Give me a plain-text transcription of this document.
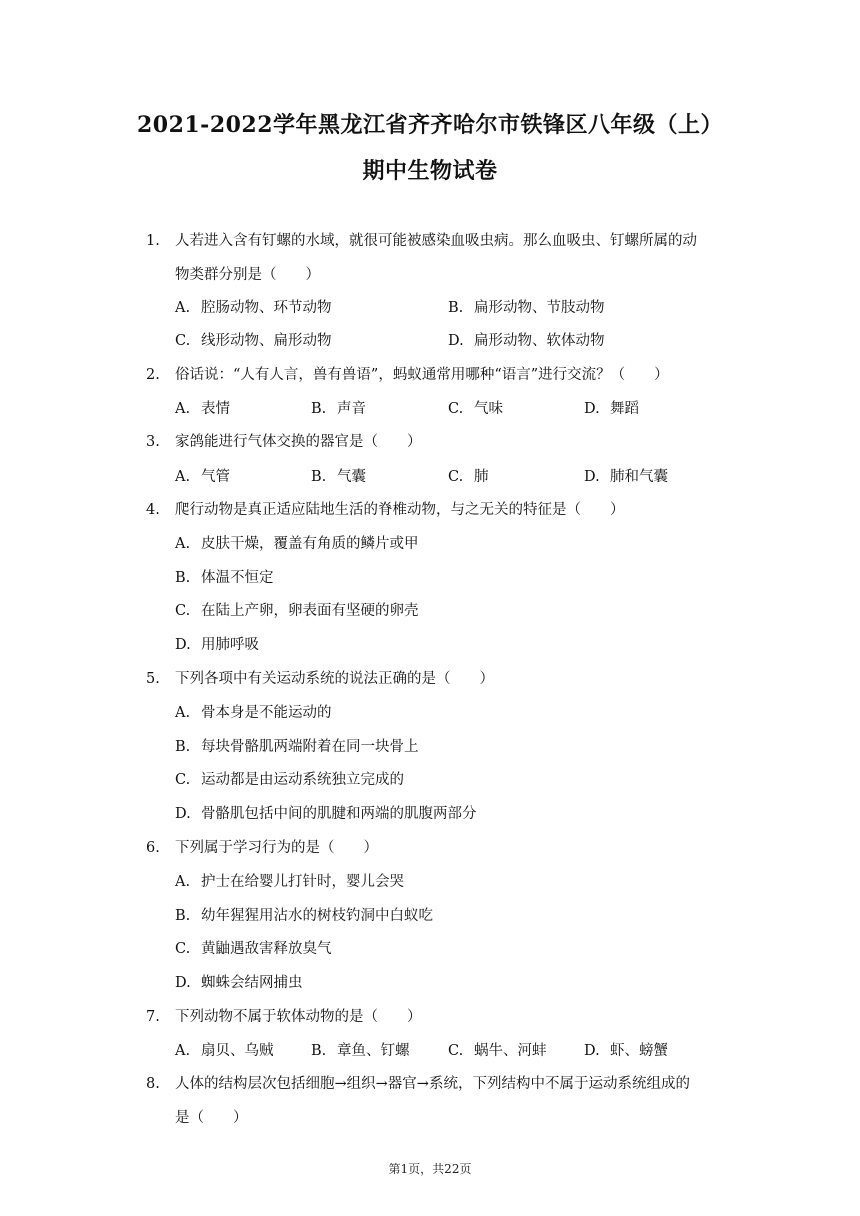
2021-2022学年黑龙江省齐齐哈尔市铁锋区八年级（上）
期中生物试卷
1. 人若进入含有钉螺的水域，就很可能被感染血吸虫病。那么血吸虫、钉螺所属的动
物类群分别是（　　）
A. 腔肠动物、环节动物	B. 扁形动物、节肢动物
C. 线形动物、扁形动物	D. 扁形动物、软体动物
2. 俗话说：“人有人言，兽有兽语”，蚂蚁通常用哪种“语言”进行交流？（　　）
A. 表情	B. 声音	C. 气味	D. 舞蹈
3. 家鸽能进行气体交换的器官是（　　）
A. 气管	B. 气囊	C. 肺	D. 肺和气囊
4. 爬行动物是真正适应陆地生活的脊椎动物，与之无关的特征是（　　）
A. 皮肤干燥，覆盖有角质的鳞片或甲
B. 体温不恒定
C. 在陆上产卵，卵表面有坚硬的卵壳
D. 用肺呼吸
5. 下列各项中有关运动系统的说法正确的是（　　）
A. 骨本身是不能运动的
B. 每块骨骼肌两端附着在同一块骨上
C. 运动都是由运动系统独立完成的
D. 骨骼肌包括中间的肌腱和两端的肌腹两部分
6. 下列属于学习行为的是（　　）
A. 护士在给婴儿打针时，婴儿会哭
B. 幼年猩猩用沾水的树枝钓洞中白蚁吃
C. 黄鼬遇敌害释放臭气
D. 蜘蛛会结网捕虫
7. 下列动物不属于软体动物的是（　　）
A. 扇贝、乌贼	B. 章鱼、钉螺	C. 蜗牛、河蚌	D. 虾、螃蟹
8. 人体的结构层次包括细胞→组织→器官→系统，下列结构中不属于运动系统组成的
是（　　）
第1页，共22页
